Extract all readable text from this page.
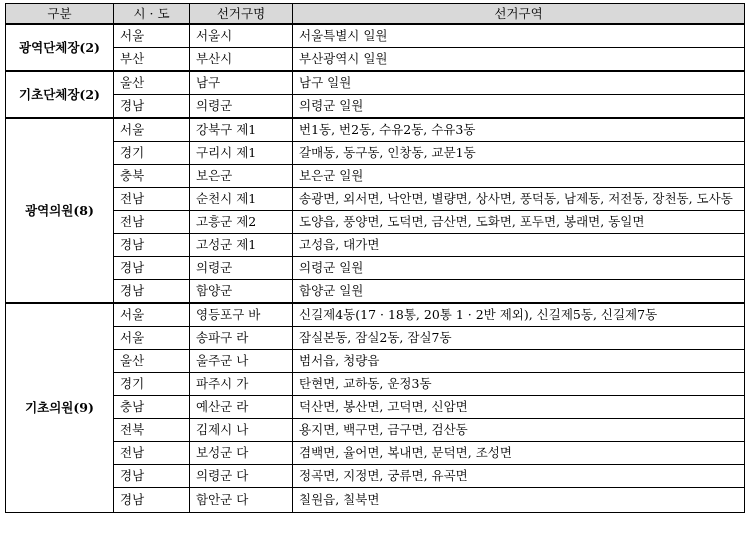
구분	시 · 도	선거구명	선거구역
광역단체장(2)	서울	서울시	서울특별시 일원
	부산	부산시	부산광역시 일원
기초단체장(2)	울산	남구	남구 일원
	경남	의령군	의령군 일원
광역의원(8)	서울	강북구 제1	번1동, 번2동, 수유2동, 수유3동
	경기	구리시 제1	갈매동, 동구동, 인창동, 교문1동
	충북	보은군	보은군 일원
	전남	순천시 제1	송광면, 외서면, 낙안면, 별량면, 상사면, 풍덕동, 남제동, 저전동, 장천동, 도사동
	전남	고흥군 제2	도양읍, 풍양면, 도덕면, 금산면, 도화면, 포두면, 봉래면, 동일면
	경남	고성군 제1	고성읍, 대가면
	경남	의령군	의령군 일원
	경남	함양군	함양군 일원
기초의원(9)	서울	영등포구 바	신길제4동(17 · 18통, 20통 1 · 2반 제외), 신길제5동, 신길제7동
	서울	송파구 라	잠실본동, 잠실2동, 잠실7동
	울산	울주군 나	범서읍, 청량읍
	경기	파주시 가	탄현면, 교하동, 운정3동
	충남	예산군 라	덕산면, 봉산면, 고덕면, 신암면
	전북	김제시 나	용지면, 백구면, 금구면, 검산동
	전남	보성군 다	겸백면, 율어면, 복내면, 문덕면, 조성면
	경남	의령군 다	정곡면, 지정면, 궁류면, 유곡면
	경남	함안군 다	칠원읍, 칠북면
